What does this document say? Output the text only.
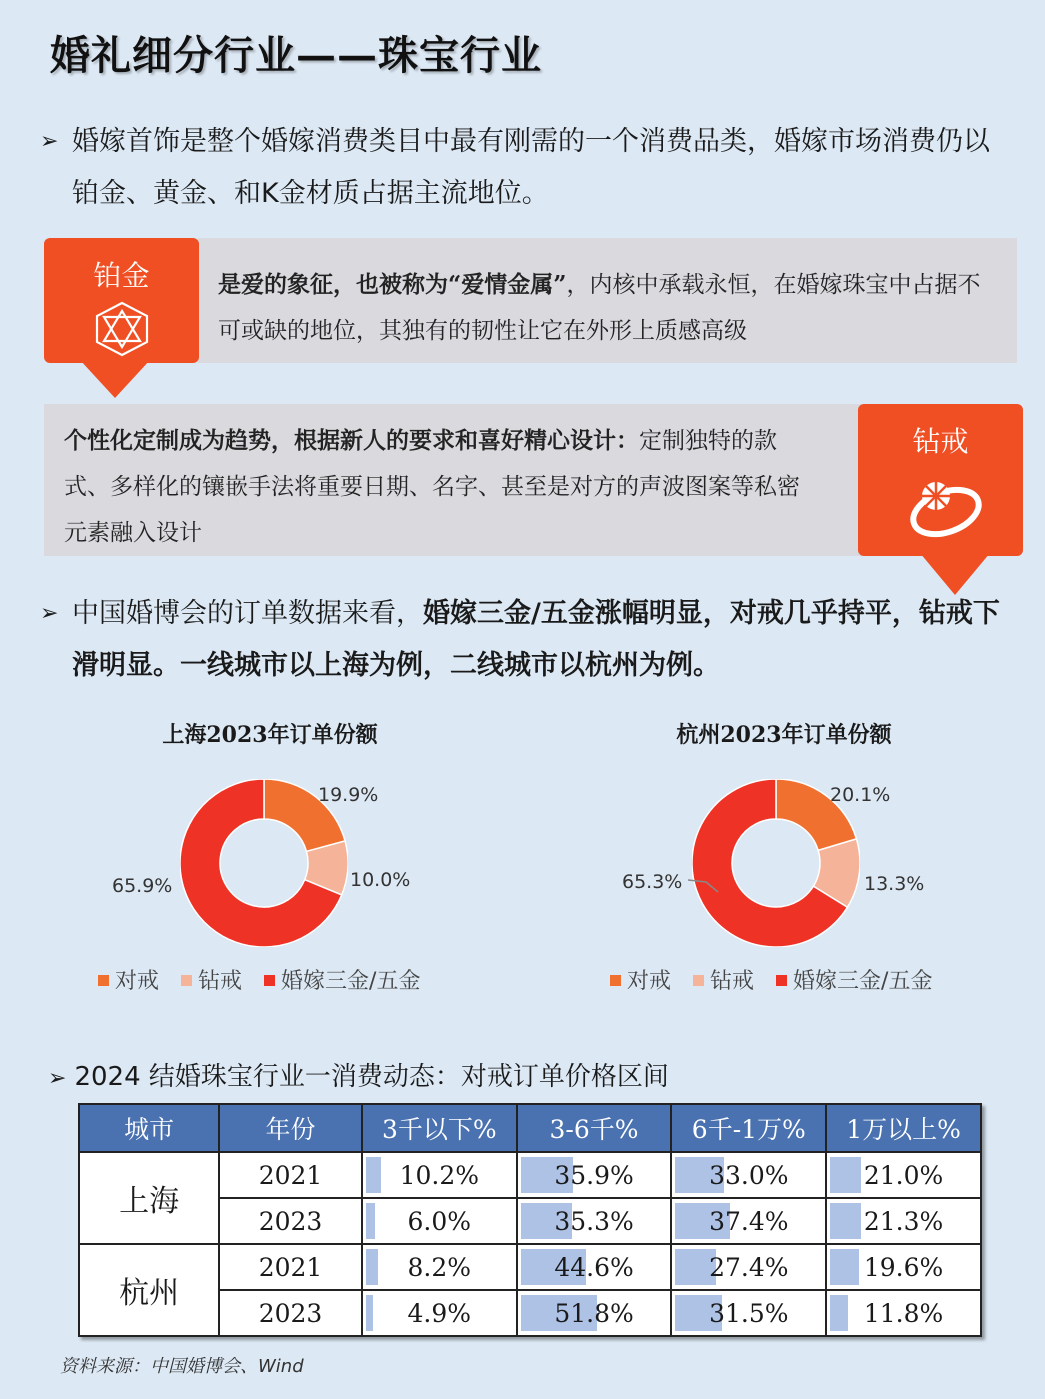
婚礼细分行业——珠宝行业
➢ 婚嫁首饰是整个婚嫁消费类目中最有刚需的一个消费品类，婚嫁市场消费仍以铂金、黄金、和K金材质占据主流地位。
是爱的象征，也被称为“爱情金属”，内核中承载永恒，在婚嫁珠宝中占据不可或缺的地位，其独有的韧性让它在外形上质感高级
铂金
个性化定制成为趋势，根据新人的要求和喜好精心设计：定制独特的款式、多样化的镶嵌手法将重要日期、名字、甚至是对方的声波图案等私密元素融入设计
钻戒
➢ 中国婚博会的订单数据来看，婚嫁三金/五金涨幅明显，对戒几乎持平，钻戒下滑明显。一线城市以上海为例，二线城市以杭州为例。
上海2023年订单份额
19.9%
10.0%
65.9%
对戒 钻戒 婚嫁三金/五金
杭州2023年订单份额
20.1%
13.3%
65.3%
对戒 钻戒 婚嫁三金/五金
➢ 2024 结婚珠宝行业一消费动态：对戒订单价格区间
城市	年份	3千以下%	3-6千%	6千-1万%	1万以上%
上海	2021	10.2%	35.9%	33.0%	21.0%
	2023	6.0%	35.3%	37.4%	21.3%
杭州	2021	8.2%	44.6%	27.4%	19.6%
	2023	4.9%	51.8%	31.5%	11.8%
资料来源：中国婚博会、Wind
